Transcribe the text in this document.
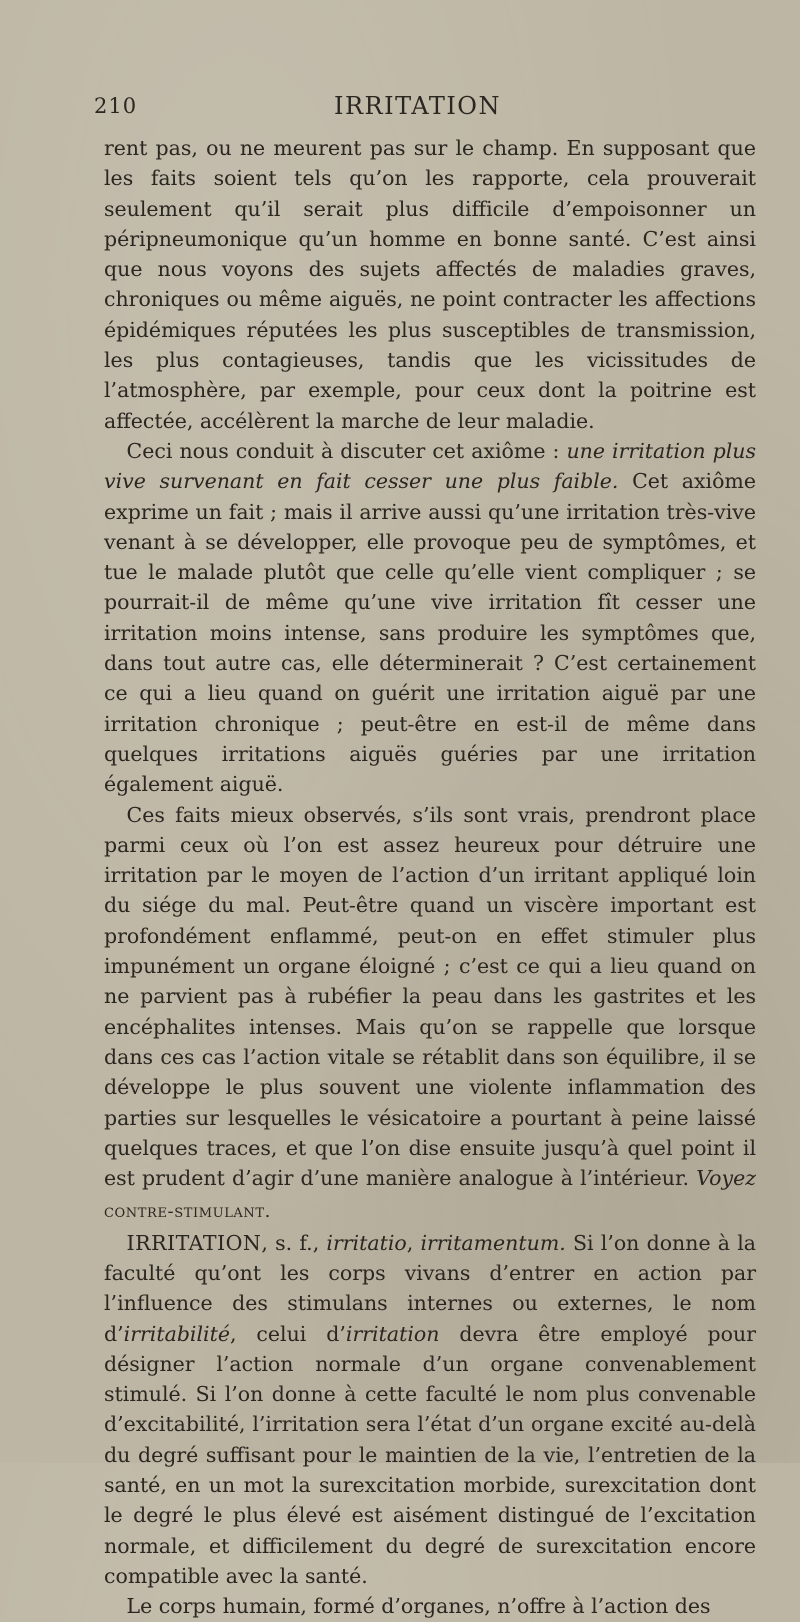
210	IRRITATION

rent pas, ou ne meurent pas sur le champ. En supposant que les faits soient tels qu’on les rapporte, cela prouverait seulement qu’il serait plus difficile d’empoisonner un péripneumonique qu’un homme en bonne santé. C’est ainsi que nous voyons des sujets affectés de maladies graves, chroniques ou même aiguës, ne point contracter les affections épidémiques réputées les plus susceptibles de transmission, les plus contagieuses, tandis que les vicissitudes de l’atmosphère, par exemple, pour ceux dont la poitrine est affectée, accélèrent la marche de leur maladie.

Ceci nous conduit à discuter cet axiôme : une irritation plus vive survenant en fait cesser une plus faible. Cet axiôme exprime un fait ; mais il arrive aussi qu’une irritation très-vive venant à se développer, elle provoque peu de symptômes, et tue le malade plutôt que celle qu’elle vient compliquer ; se pourrait-il de même qu’une vive irritation fît cesser une irritation moins intense, sans produire les symptômes que, dans tout autre cas, elle déterminerait ? C’est certainement ce qui a lieu quand on guérit une irritation aiguë par une irritation chronique ; peut-être en est-il de même dans quelques irritations aiguës guéries par une irritation également aiguë.

Ces faits mieux observés, s’ils sont vrais, prendront place parmi ceux où l’on est assez heureux pour détruire une irritation par le moyen de l’action d’un irritant appliqué loin du siége du mal. Peut-être quand un viscère important est profondément enflammé, peut-on en effet stimuler plus impunément un organe éloigné ; c’est ce qui a lieu quand on ne parvient pas à rubéfier la peau dans les gastrites et les encéphalites intenses. Mais qu’on se rappelle que lorsque dans ces cas l’action vitale se rétablit dans son équilibre, il se développe le plus souvent une violente inflammation des parties sur lesquelles le vésicatoire a pourtant à peine laissé quelques traces, et que l’on dise ensuite jusqu’à quel point il est prudent d’agir d’une manière analogue à l’intérieur. Voyez contre-stimulant.

IRRITATION, s. f., irritatio, irritamentum. Si l’on donne à la faculté qu’ont les corps vivans d’entrer en action par l’influence des stimulans internes ou externes, le nom d’irritabilité, celui d’irritation devra être employé pour désigner l’action normale d’un organe convenablement stimulé. Si l’on donne à cette faculté le nom plus convenable d’excitabilité, l’irritation sera l’état d’un organe excité au-delà du degré suffisant pour le maintien de la vie, l’entretien de la santé, en un mot la surexcitation morbide, surexcitation dont le degré le plus élevé est aisément distingué de l’excitation normale, et difficilement du degré de surexcitation encore compatible avec la santé.

Le corps humain, formé d’organes, n’offre à l’action des
